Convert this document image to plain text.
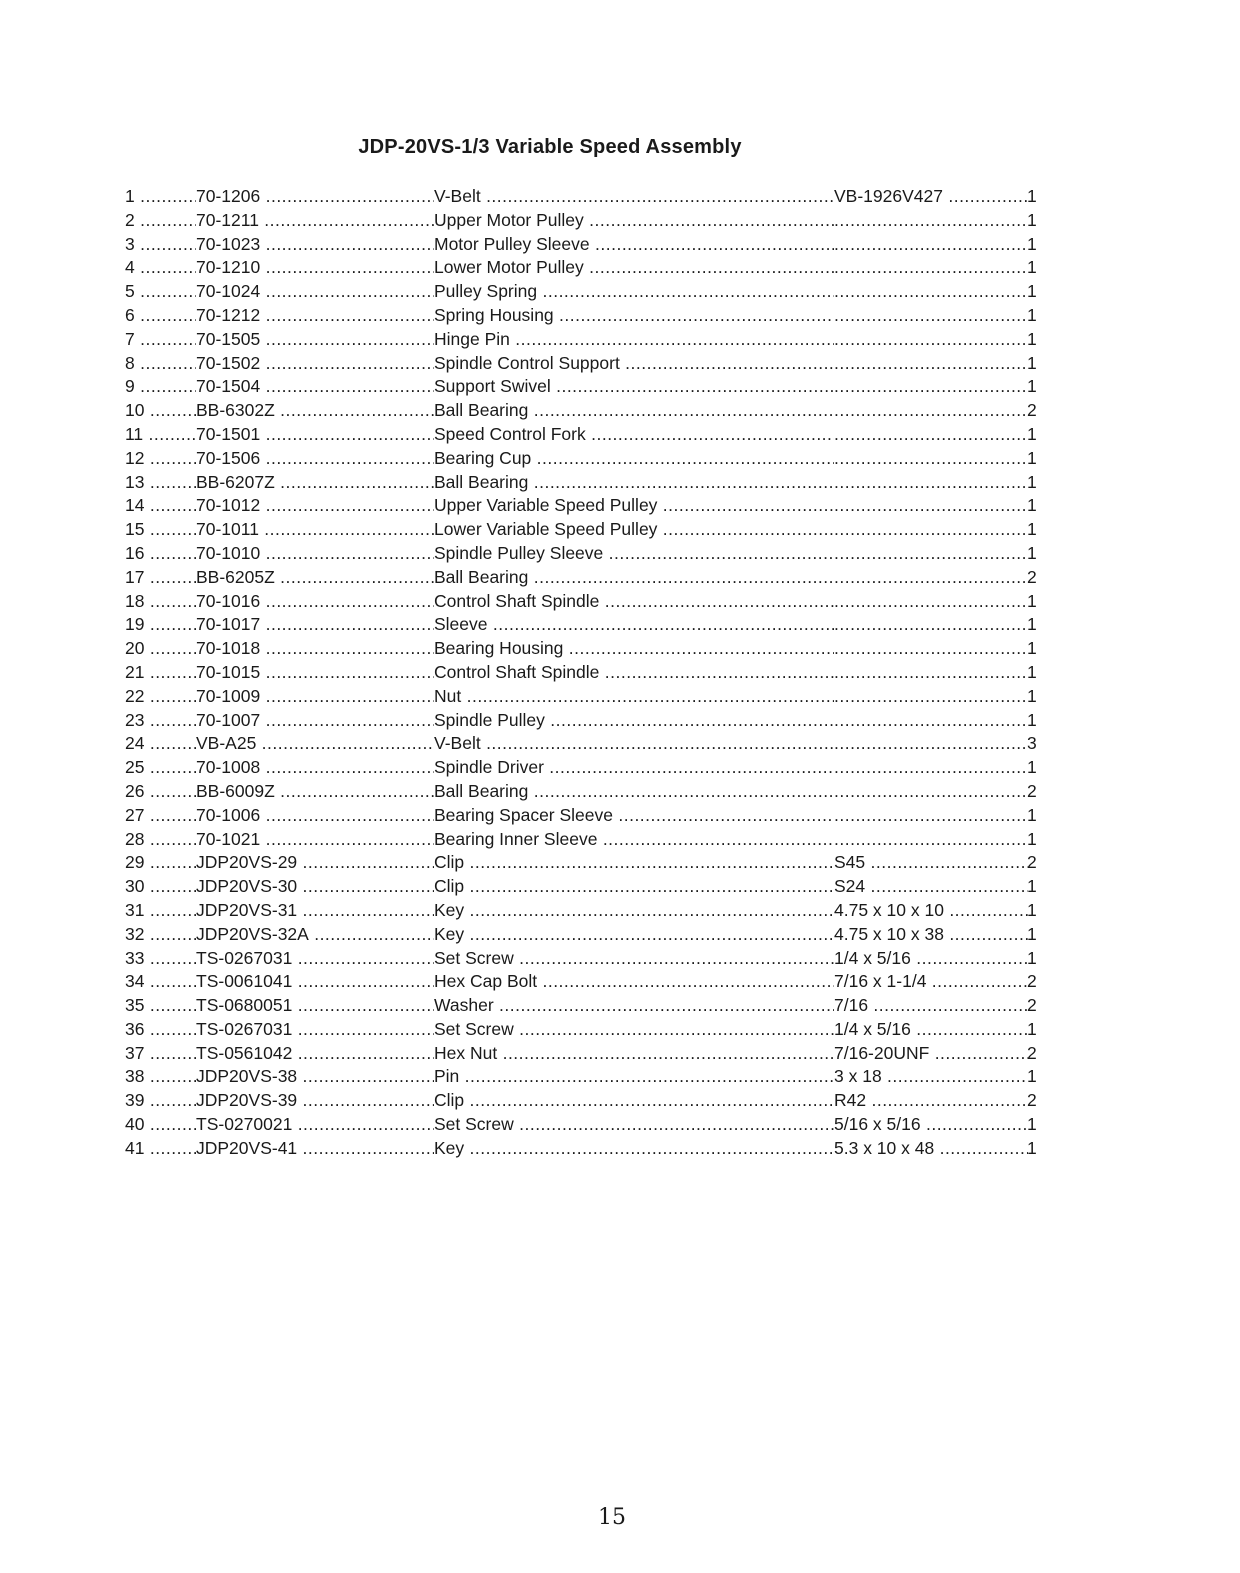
JDP-20VS-1/3 Variable Speed Assembly
1 .....	70-1206 .....	V-Belt .....	VB-1926V427 .....	1
2 .....	70-1211 .....	Upper Motor Pulley ..... .....	1
3 .....	70-1023 .....	Motor Pulley Sleeve ..... .....	1
4 .....	70-1210 .....	Lower Motor Pulley ..... .....	1
5 .....	70-1024 .....	Pulley Spring ..... .....	1
6 .....	70-1212 .....	Spring Housing ..... .....	1
7 .....	70-1505 .....	Hinge Pin ..... .....	1
8 .....	70-1502 .....	Spindle Control Support ..... .....	1
9 .....	70-1504 .....	Support Swivel ..... .....	1
10 .....	BB-6302Z .....	Ball Bearing ..... .....	2
11 .....	70-1501 .....	Speed Control Fork ..... .....	1
12 .....	70-1506 .....	Bearing Cup ..... .....	1
13 .....	BB-6207Z .....	Ball Bearing ..... .....	1
14 .....	70-1012 .....	Upper Variable Speed Pulley ..... .....	1
15 .....	70-1011 .....	Lower Variable Speed Pulley ..... .....	1
16 .....	70-1010 .....	Spindle Pulley Sleeve ..... .....	1
17 .....	BB-6205Z .....	Ball Bearing ..... .....	2
18 .....	70-1016 .....	Control Shaft Spindle ..... .....	1
19 .....	70-1017 .....	Sleeve ..... .....	1
20 .....	70-1018 .....	Bearing Housing ..... .....	1
21 .....	70-1015 .....	Control Shaft Spindle ..... .....	1
22 .....	70-1009 .....	Nut ..... .....	1
23 .....	70-1007 .....	Spindle Pulley ..... .....	1
24 .....	VB-A25 .....	V-Belt ..... .....	3
25 .....	70-1008 .....	Spindle Driver ..... .....	1
26 .....	BB-6009Z .....	Ball Bearing ..... .....	2
27 .....	70-1006 .....	Bearing Spacer Sleeve ..... .....	1
28 .....	70-1021 .....	Bearing Inner Sleeve ..... .....	1
29 .....	JDP20VS-29 .....	Clip .....	S45 .....	2
30 .....	JDP20VS-30 .....	Clip .....	S24 .....	1
31 .....	JDP20VS-31 .....	Key .....	4.75 x 10 x 10 .....	1
32 .....	JDP20VS-32A .....	Key .....	4.75 x 10 x 38 .....	1
33 .....	TS-0267031 .....	Set Screw .....	1/4 x 5/16 .....	1
34 .....	TS-0061041 .....	Hex Cap Bolt .....	7/16 x 1-1/4 .....	2
35 .....	TS-0680051 .....	Washer .....	7/16 .....	2
36 .....	TS-0267031 .....	Set Screw .....	1/4 x 5/16 .....	1
37 .....	TS-0561042 .....	Hex Nut .....	7/16-20UNF .....	2
38 .....	JDP20VS-38 .....	Pin .....	3 x 18 .....	1
39 .....	JDP20VS-39 .....	Clip .....	R42 .....	2
40 .....	TS-0270021 .....	Set Screw .....	5/16 x 5/16 .....	1
41 .....	JDP20VS-41 .....	Key .....	5.3 x 10 x 48 .....	1
15
